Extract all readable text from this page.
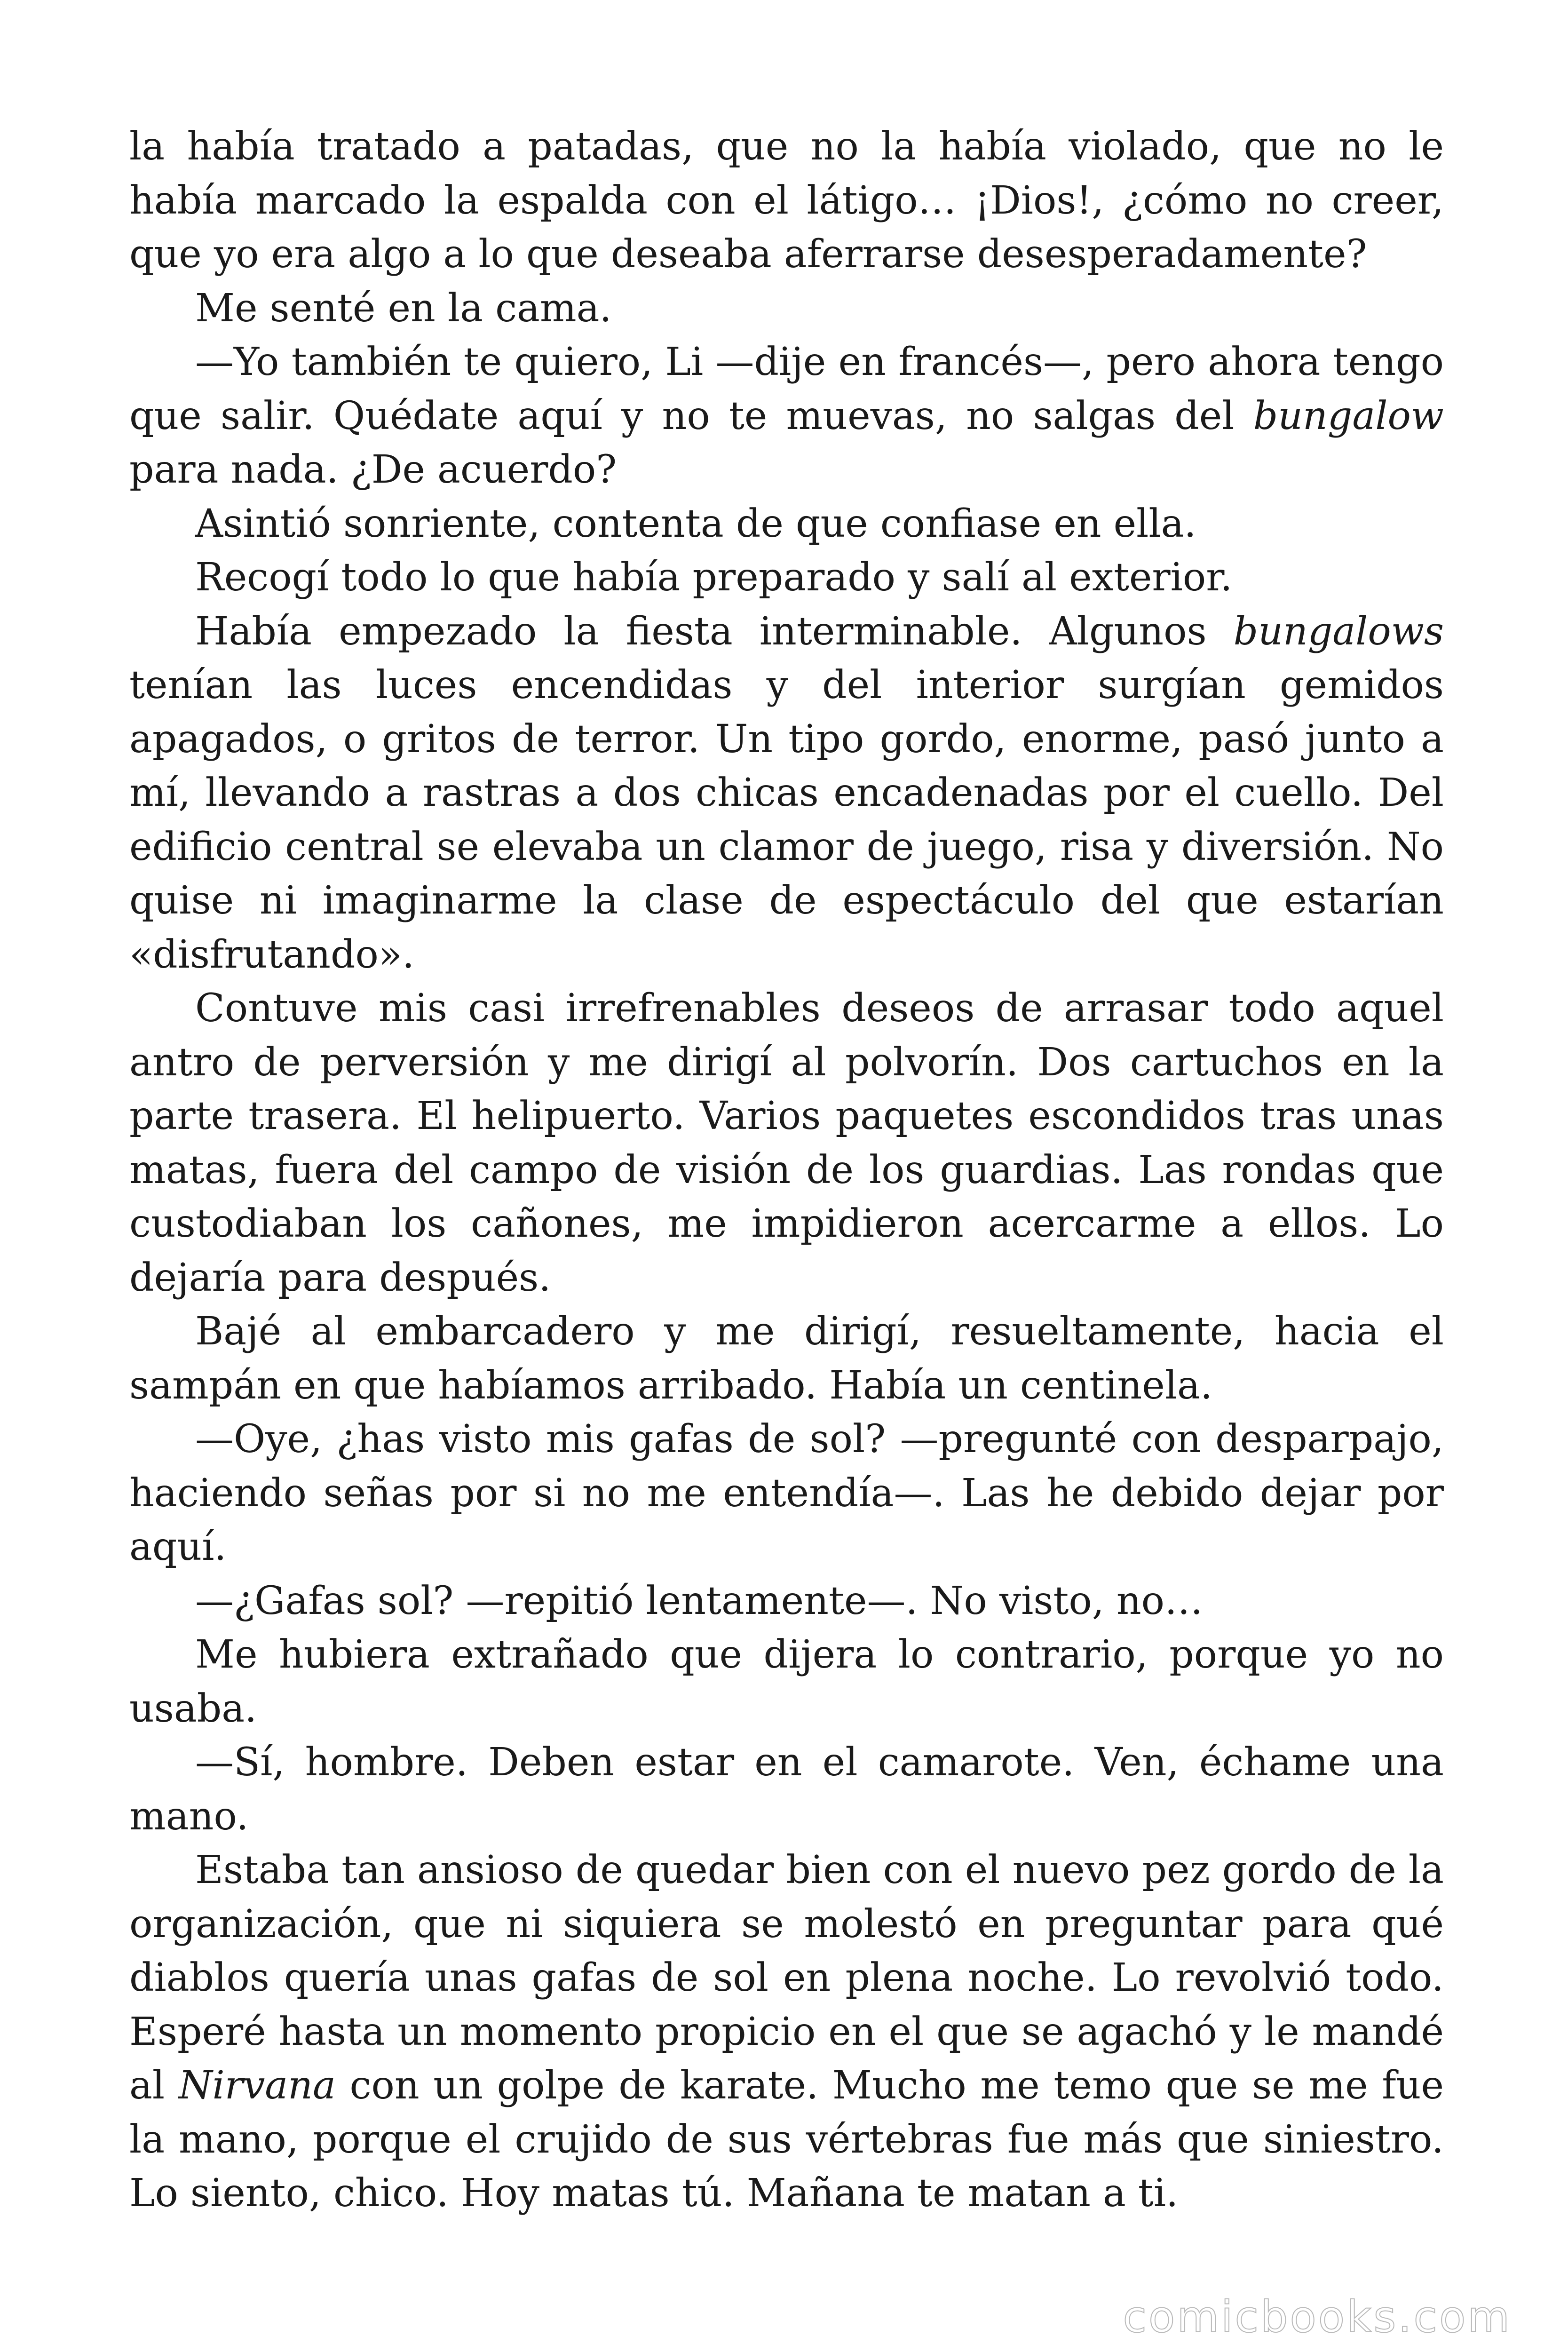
la había tratado a patadas, que no la había violado, que no le había marcado la espalda con el látigo… ¡Dios!, ¿cómo no creer, que yo era algo a lo que deseaba aferrarse desesperadamente?

Me senté en la cama.

—Yo también te quiero, Li —dije en francés—, pero ahora tengo que salir. Quédate aquí y no te muevas, no salgas del bungalow para nada. ¿De acuerdo?

Asintió sonriente, contenta de que confiase en ella.

Recogí todo lo que había preparado y salí al exterior.

Había empezado la fiesta interminable. Algunos bungalows tenían las luces encendidas y del interior surgían gemidos apagados, o gritos de terror. Un tipo gordo, enorme, pasó junto a mí, llevando a rastras a dos chicas encadenadas por el cuello. Del edificio central se elevaba un clamor de juego, risa y diversión. No quise ni imaginarme la clase de espectáculo del que estarían «disfrutando».

Contuve mis casi irrefrenables deseos de arrasar todo aquel antro de perversión y me dirigí al polvorín. Dos cartuchos en la parte trasera. El helipuerto. Varios paquetes escondidos tras unas matas, fuera del campo de visión de los guardias. Las rondas que custodiaban los cañones, me impidieron acercarme a ellos. Lo dejaría para después.

Bajé al embarcadero y me dirigí, resueltamente, hacia el sampán en que habíamos arribado. Había un centinela.

—Oye, ¿has visto mis gafas de sol? —pregunté con desparpajo, haciendo señas por si no me entendía—. Las he debido dejar por aquí.

—¿Gafas sol? —repitió lentamente—. No visto, no…

Me hubiera extrañado que dijera lo contrario, porque yo no usaba.

—Sí, hombre. Deben estar en el camarote. Ven, échame una mano.

Estaba tan ansioso de quedar bien con el nuevo pez gordo de la organización, que ni siquiera se molestó en preguntar para qué diablos quería unas gafas de sol en plena noche. Lo revolvió todo. Esperé hasta un momento propicio en el que se agachó y le mandé al Nirvana con un golpe de karate. Mucho me temo que se me fue la mano, porque el crujido de sus vértebras fue más que siniestro. Lo siento, chico. Hoy matas tú. Mañana te matan a ti.

comicbooks.com
